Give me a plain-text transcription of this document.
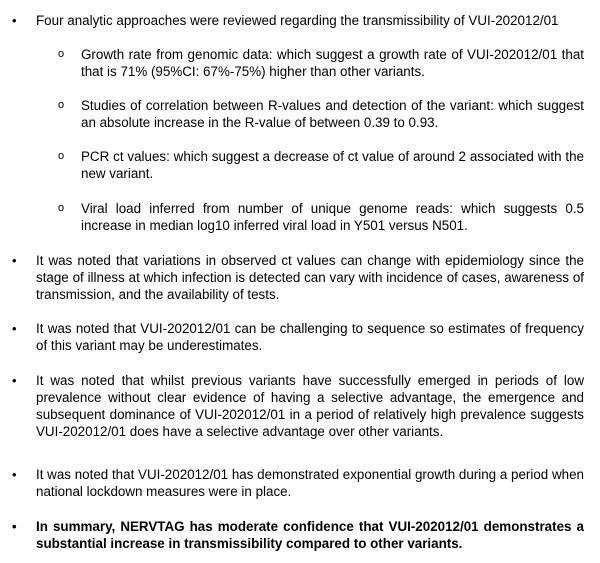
• Four analytic approaches were reviewed regarding the transmissibility of VUI-202012/01
o Growth rate from genomic data: which suggest a growth rate of VUI-202012/01 that that is 71% (95%CI: 67%-75%) higher than other variants.
o Studies of correlation between R-values and detection of the variant: which suggest an absolute increase in the R-value of between 0.39 to 0.93.
o PCR ct values: which suggest a decrease of ct value of around 2 associated with the new variant.
o Viral load inferred from number of unique genome reads: which suggests 0.5 increase in median log10 inferred viral load in Y501 versus N501.
• It was noted that variations in observed ct values can change with epidemiology since the stage of illness at which infection is detected can vary with incidence of cases, awareness of transmission, and the availability of tests.
• It was noted that VUI-202012/01 can be challenging to sequence so estimates of frequency of this variant may be underestimates.
• It was noted that whilst previous variants have successfully emerged in periods of low prevalence without clear evidence of having a selective advantage, the emergence and subsequent dominance of VUI-202012/01 in a period of relatively high prevalence suggests VUI-202012/01 does have a selective advantage over other variants.
• It was noted that VUI-202012/01 has demonstrated exponential growth during a period when national lockdown measures were in place.
• In summary, NERVTAG has moderate confidence that VUI-202012/01 demonstrates a substantial increase in transmissibility compared to other variants.
